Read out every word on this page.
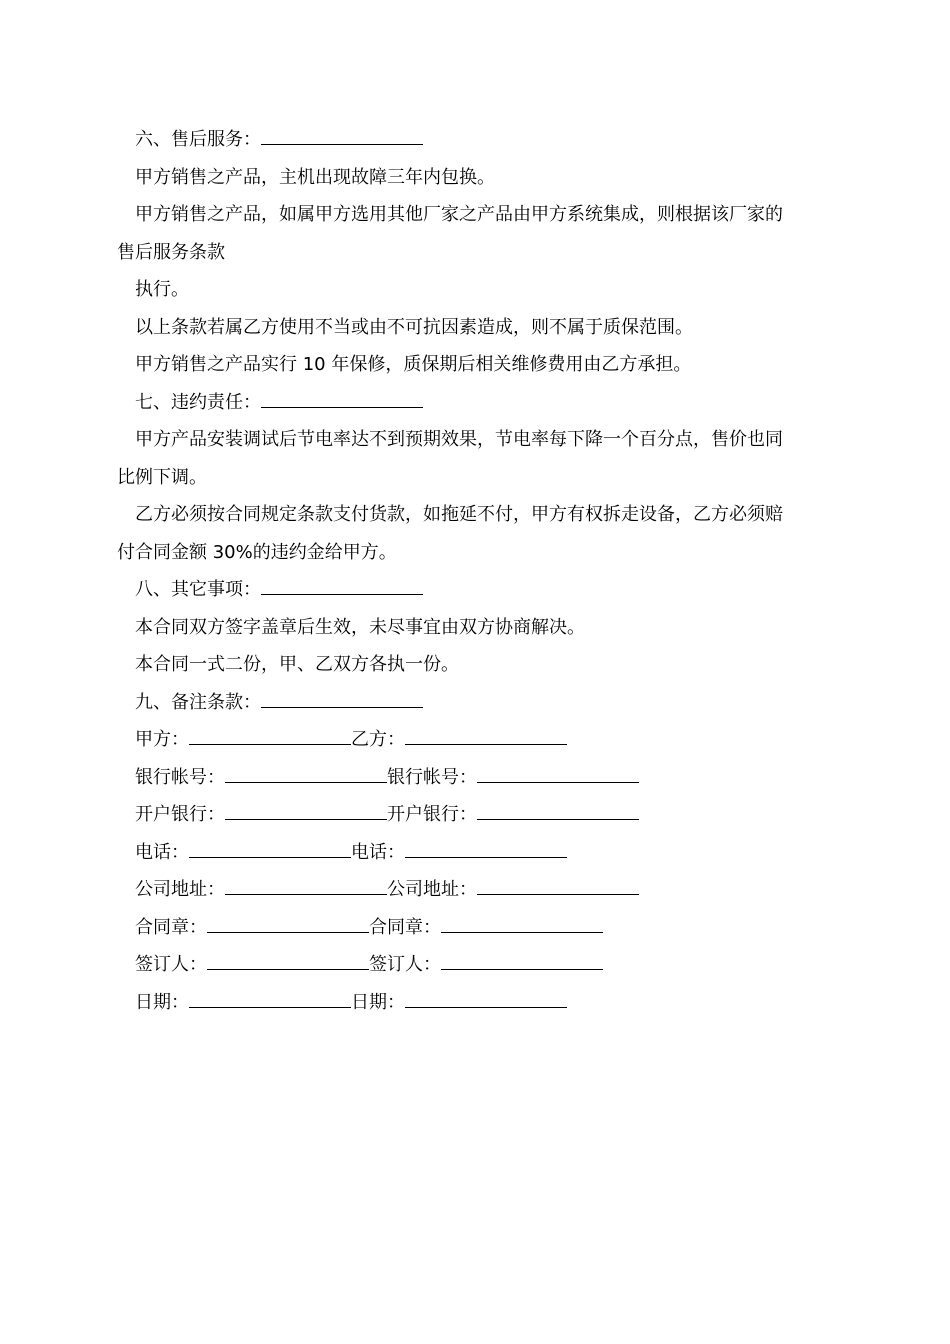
六、售后服务：
甲方销售之产品，主机出现故障三年内包换。
甲方销售之产品，如属甲方选用其他厂家之产品由甲方系统集成，则根据该厂家的
售后服务条款
执行。
以上条款若属乙方使用不当或由不可抗因素造成，则不属于质保范围。
甲方销售之产品实行 10 年保修，质保期后相关维修费用由乙方承担。
七、违约责任：
甲方产品安装调试后节电率达不到预期效果，节电率每下降一个百分点，售价也同
比例下调。
乙方必须按合同规定条款支付货款，如拖延不付，甲方有权拆走设备，乙方必须赔
付合同金额 30%的违约金给甲方。
八、其它事项：
本合同双方签字盖章后生效，未尽事宜由双方协商解决。
本合同一式二份，甲、乙双方各执一份。
九、备注条款：
甲方：	乙方：
银行帐号：	银行帐号：
开户银行：	开户银行：
电话：	电话：
公司地址：	公司地址：
合同章：	合同章：
签订人：	签订人：
日期：	日期：
